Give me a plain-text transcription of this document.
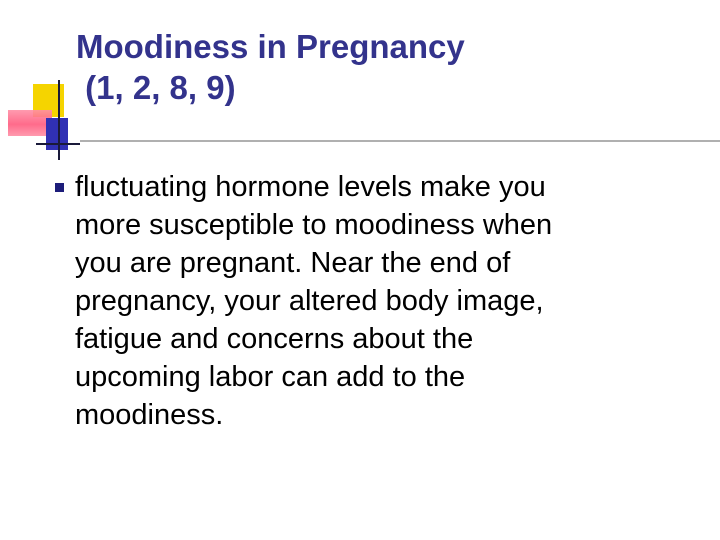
Moodiness in Pregnancy
(1, 2, 8, 9)

fluctuating hormone levels make you
more susceptible to moodiness when
you are pregnant. Near the end of
pregnancy, your altered body image,
fatigue and concerns about the
upcoming labor can add to the
moodiness.
